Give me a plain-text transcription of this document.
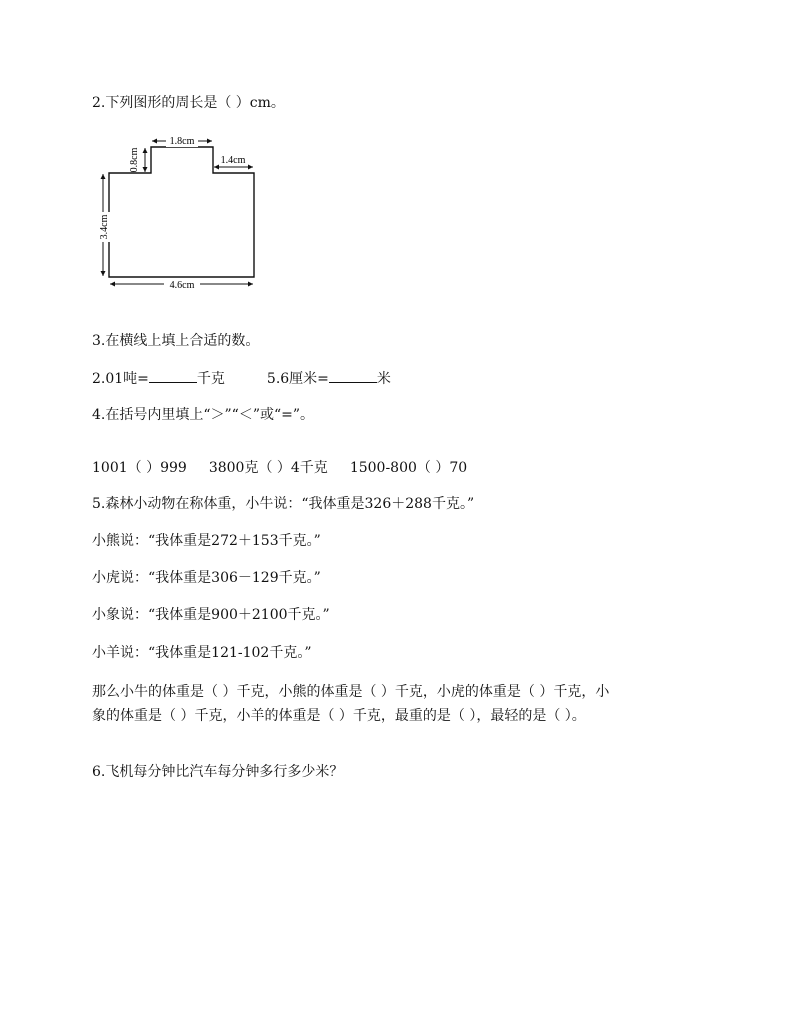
2.下列图形的周长是（ ）cm。
1.8cm
0.8cm	1.4cm
3.4cm
4.6cm
3.在横线上填上合适的数。
2.01吨=	千克	5.6厘米=	米
4.在括号内里填上“＞”“＜”或“=”。
1001（ ）999 3800克（ ）4千克 1500-800（ ）70
5.森林小动物在称体重，小牛说：“我体重是326＋288千克。”
小熊说：“我体重是272＋153千克。”
小虎说：“我体重是306－129千克。”
小象说：“我体重是900＋2100千克。”
小羊说：“我体重是121-102千克。”
那么小牛的体重是（ ）千克，小熊的体重是（ ）千克，小虎的体重是（ ）千克，小象的体重是（ ）千克，小羊的体重是（ ）千克，最重的是（ ），最轻的是（ ）。
6.飞机每分钟比汽车每分钟多行多少米？
